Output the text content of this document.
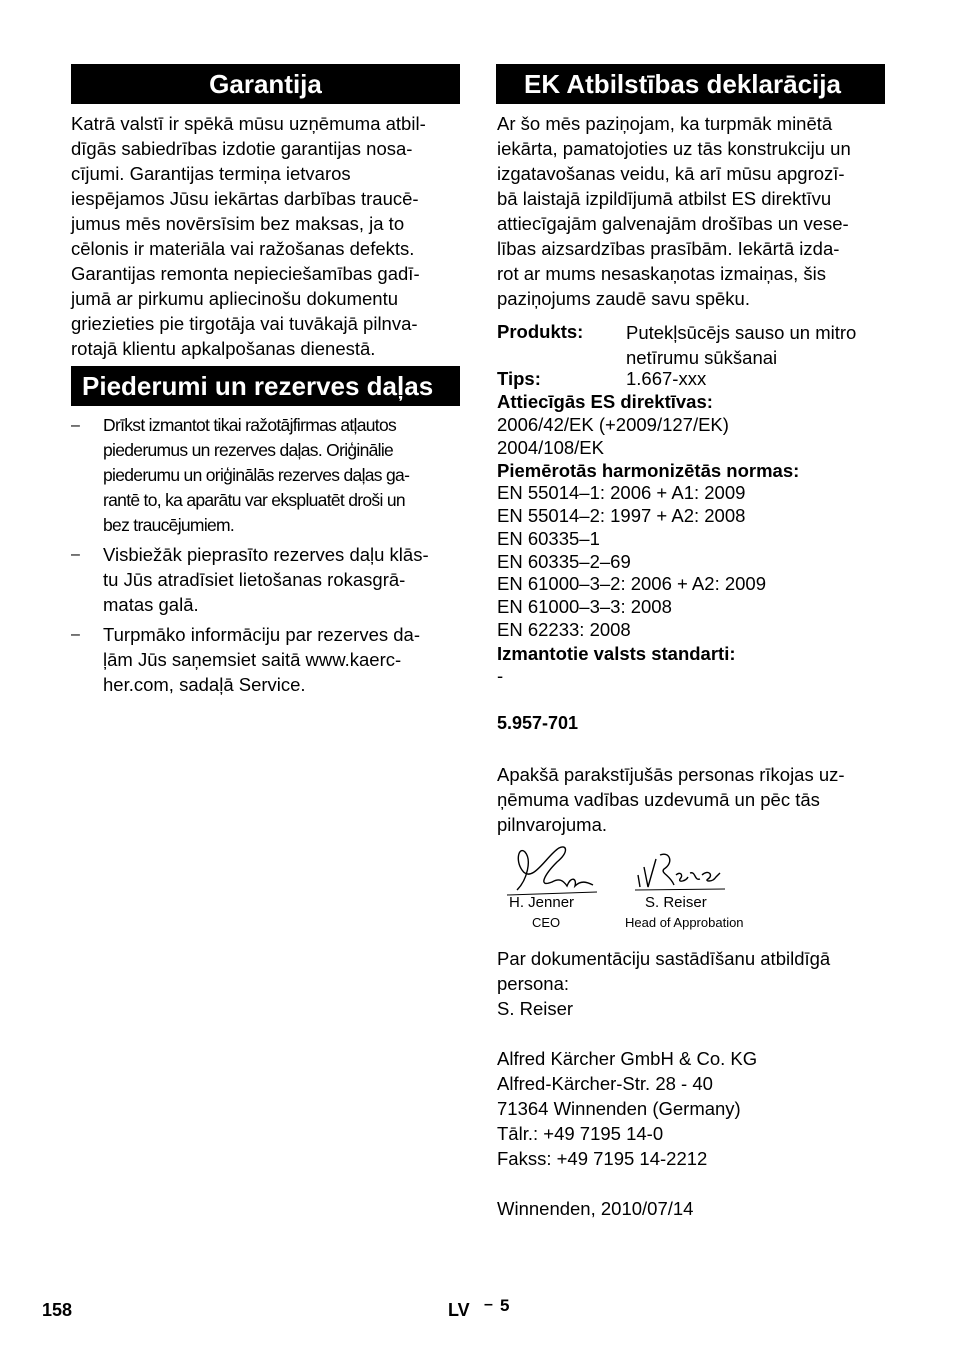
Garantija
Katrā valstī ir spēkā mūsu uzņēmuma atbil-
dīgās sabiedrības izdotie garantijas nosa-
cījumi. Garantijas termiņa ietvaros
iespējamos Jūsu iekārtas darbības traucē-
jumus mēs novērsīsim bez maksas, ja to
cēlonis ir materiāla vai ražošanas defekts.
Garantijas remonta nepieciešamības gadī-
jumā ar pirkumu apliecinošu dokumentu
griezieties pie tirgotāja vai tuvākajā pilnva-
rotajā klientu apkalpošanas dienestā.
Piederumi un rezerves daļas
– Drīkst izmantot tikai ražotājfirmas atļautos
piederumus un rezerves daļas. Oriģinālie
piederumu un oriģinālās rezerves daļas ga-
rantē to, ka aparātu var ekspluatēt droši un
bez traucējumiem.
– Visbiežāk pieprasīto rezerves daļu klās-
tu Jūs atradīsiet lietošanas rokasgrā-
matas galā.
– Turpmāko informāciju par rezerves da-
ļām Jūs saņemsiet saitā www.kaerc-
her.com, sadaļā Service.
EK Atbilstības deklarācija
Ar šo mēs paziņojam, ka turpmāk minētā
iekārta, pamatojoties uz tās konstrukciju un
izgatavošanas veidu, kā arī mūsu apgrozī-
bā laistajā izpildījumā atbilst ES direktīvu
attiecīgajām galvenajām drošības un vese-
lības aizsardzības prasībām. Iekārtā izda-
rot ar mums nesaskaņotas izmaiņas, šis
paziņojums zaudē savu spēku.
Produkts: Putekļsūcējs sauso un mitro
netīrumu sūkšanai
Tips:	1.667-xxx
Attiecīgās ES direktīvas:
2006/42/EK (+2009/127/EK)
2004/108/EK
Piemērotās harmonizētās normas:
EN 55014–1: 2006 + A1: 2009
EN 55014–2: 1997 + A2: 2008
EN 60335–1
EN 60335–2–69
EN 61000–3–2: 2006 + A2: 2009
EN 61000–3–3: 2008
EN 62233: 2008
Izmantotie valsts standarti:
-
5.957-701
Apakšā parakstījušās personas rīkojas uz-
ņēmuma vadības uzdevumā un pēc tās
pilnvarojuma.
H. Jenner
CEO
S. Reiser
Head of Approbation
Par dokumentāciju sastādīšanu atbildīgā
persona:
S. Reiser
Alfred Kärcher GmbH & Co. KG
Alfred-Kärcher-Str. 28 - 40
71364 Winnenden (Germany)
Tālr.: +49 7195 14-0
Fakss: +49 7195 14-2212
Winnenden, 2010/07/14
158	LV – 5
